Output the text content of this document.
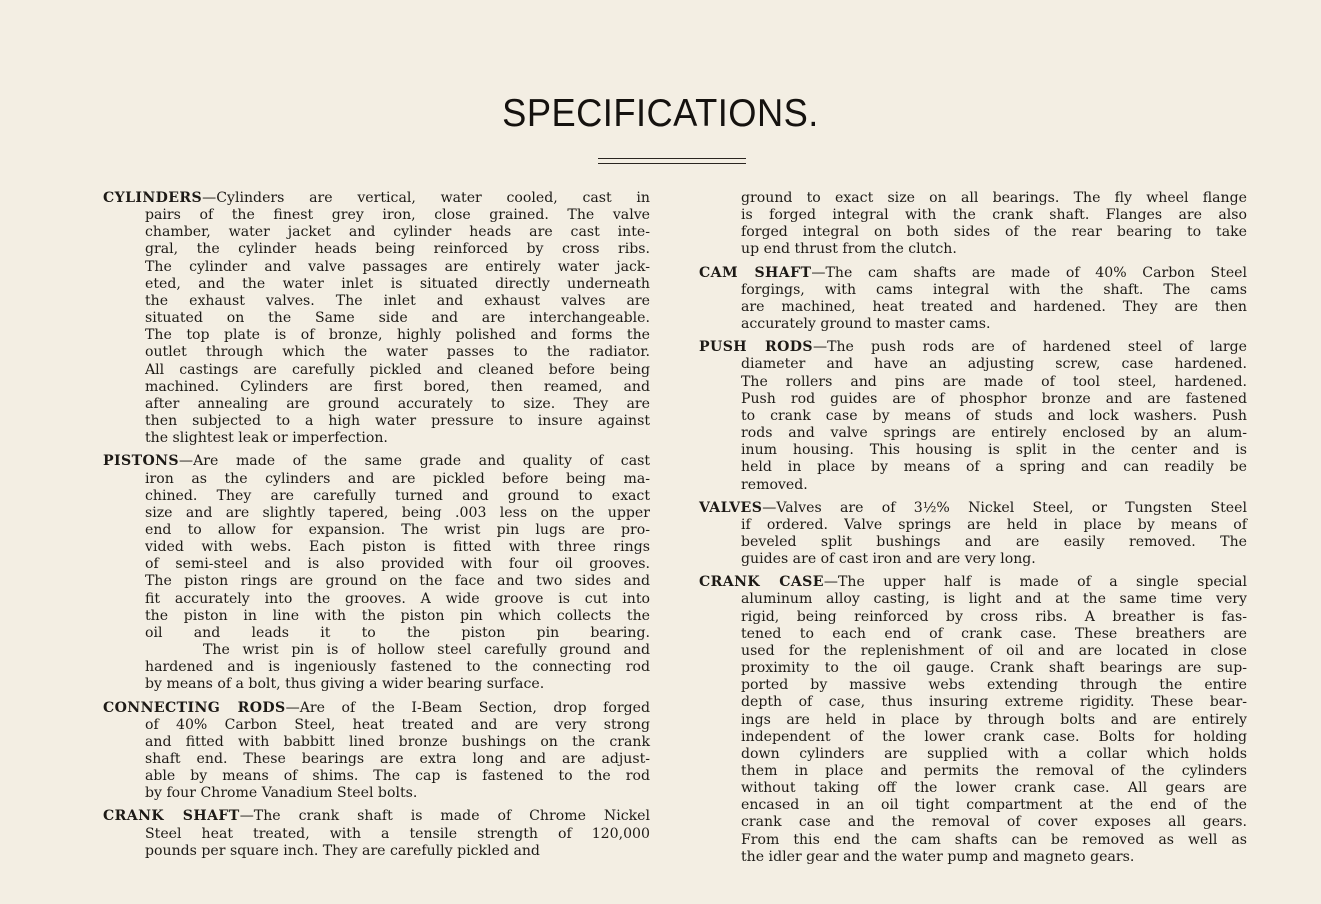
SPECIFICATIONS.
CYLINDERS—Cylinders are vertical, water cooled, cast in
pairs of the finest grey iron, close grained. The valve
chamber, water jacket and cylinder heads are cast inte-
gral, the cylinder heads being reinforced by cross ribs.
The cylinder and valve passages are entirely water jack-
eted, and the water inlet is situated directly underneath
the exhaust valves. The inlet and exhaust valves are
situated on the Same side and are interchangeable.
The top plate is of bronze, highly polished and forms the
outlet through which the water passes to the radiator.
All castings are carefully pickled and cleaned before being
machined. Cylinders are first bored, then reamed, and
after annealing are ground accurately to size. They are
then subjected to a high water pressure to insure against
the slightest leak or imperfection.
PISTONS—Are made of the same grade and quality of cast
iron as the cylinders and are pickled before being ma-
chined. They are carefully turned and ground to exact
size and are slightly tapered, being .003 less on the upper
end to allow for expansion. The wrist pin lugs are pro-
vided with webs. Each piston is fitted with three rings
of semi-steel and is also provided with four oil grooves.
The piston rings are ground on the face and two sides and
fit accurately into the grooves. A wide groove is cut into
the piston in line with the piston pin which collects the
oil and leads it to the piston pin bearing.
The wrist pin is of hollow steel carefully ground and
hardened and is ingeniously fastened to the connecting rod
by means of a bolt, thus giving a wider bearing surface.
CONNECTING RODS—Are of the I-Beam Section, drop forged
of 40% Carbon Steel, heat treated and are very strong
and fitted with babbitt lined bronze bushings on the crank
shaft end. These bearings are extra long and are adjust-
able by means of shims. The cap is fastened to the rod
by four Chrome Vanadium Steel bolts.
CRANK SHAFT—The crank shaft is made of Chrome Nickel
Steel heat treated, with a tensile strength of 120,000
pounds per square inch. They are carefully pickled and
ground to exact size on all bearings. The fly wheel flange
is forged integral with the crank shaft. Flanges are also
forged integral on both sides of the rear bearing to take
up end thrust from the clutch.
CAM SHAFT—The cam shafts are made of 40% Carbon Steel
forgings, with cams integral with the shaft. The cams
are machined, heat treated and hardened. They are then
accurately ground to master cams.
PUSH RODS—The push rods are of hardened steel of large
diameter and have an adjusting screw, case hardened.
The rollers and pins are made of tool steel, hardened.
Push rod guides are of phosphor bronze and are fastened
to crank case by means of studs and lock washers. Push
rods and valve springs are entirely enclosed by an alum-
inum housing. This housing is split in the center and is
held in place by means of a spring and can readily be
removed.
VALVES—Valves are of 3½% Nickel Steel, or Tungsten Steel
if ordered. Valve springs are held in place by means of
beveled split bushings and are easily removed. The
guides are of cast iron and are very long.
CRANK CASE—The upper half is made of a single special
aluminum alloy casting, is light and at the same time very
rigid, being reinforced by cross ribs. A breather is fas-
tened to each end of crank case. These breathers are
used for the replenishment of oil and are located in close
proximity to the oil gauge. Crank shaft bearings are sup-
ported by massive webs extending through the entire
depth of case, thus insuring extreme rigidity. These bear-
ings are held in place by through bolts and are entirely
independent of the lower crank case. Bolts for holding
down cylinders are supplied with a collar which holds
them in place and permits the removal of the cylinders
without taking off the lower crank case. All gears are
encased in an oil tight compartment at the end of the
crank case and the removal of cover exposes all gears.
From this end the cam shafts can be removed as well as
the idler gear and the water pump and magneto gears.
